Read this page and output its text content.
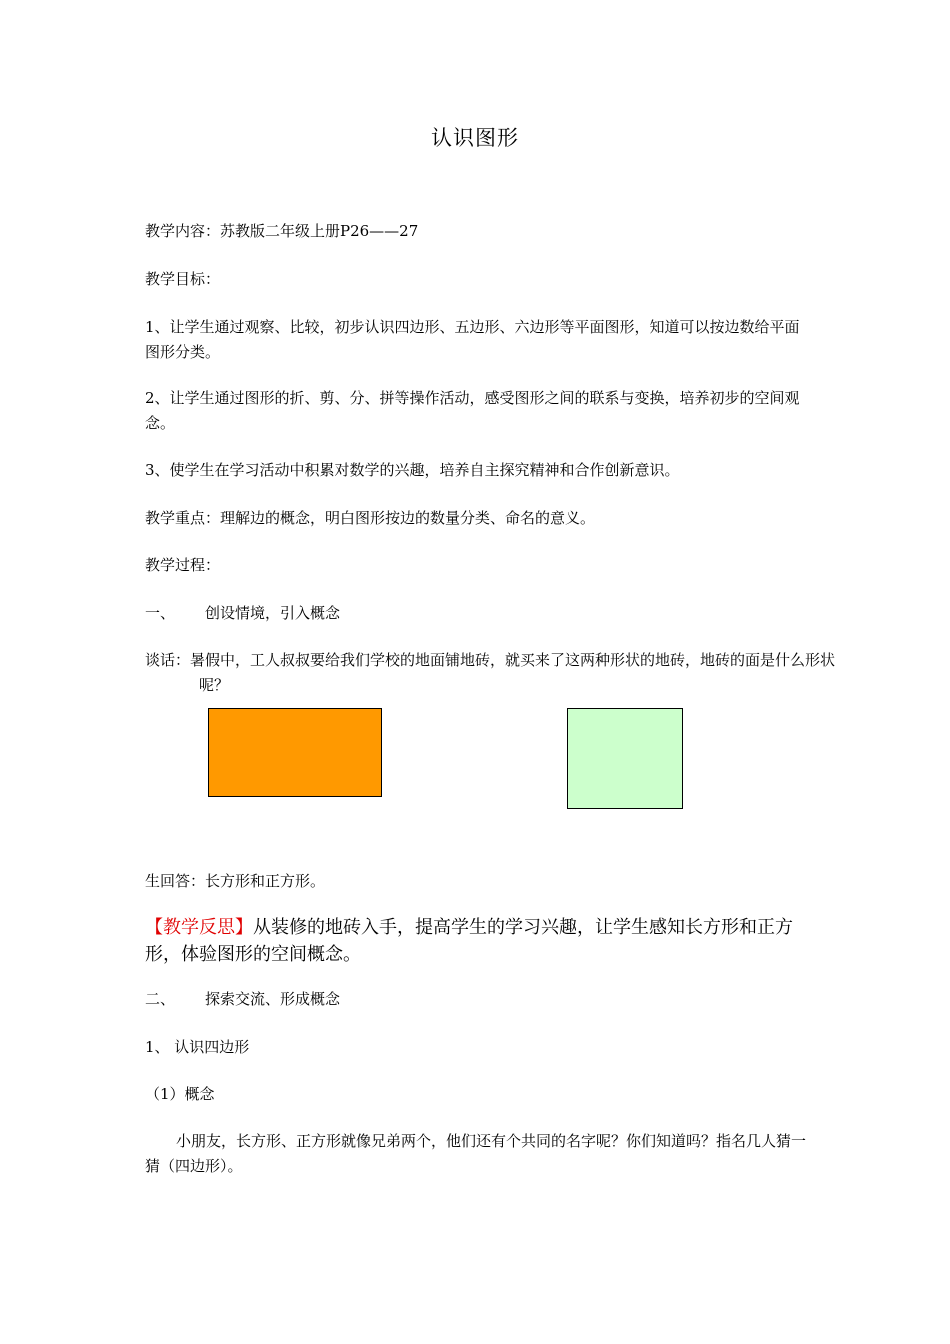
认识图形

教学内容：苏教版二年级上册P26——27

教学目标：

1、让学生通过观察、比较，初步认识四边形、五边形、六边形等平面图形，知道可以按边数给平面图形分类。

2、让学生通过图形的折、剪、分、拼等操作活动，感受图形之间的联系与变换，培养初步的空间观念。

3、使学生在学习活动中积累对数学的兴趣，培养自主探究精神和合作创新意识。

教学重点：理解边的概念，明白图形按边的数量分类、命名的意义。

教学过程：

一、 创设情境，引入概念

谈话：暑假中，工人叔叔要给我们学校的地面铺地砖，就买来了这两种形状的地砖，地砖的面是什么形状呢？

生回答：长方形和正方形。

【教学反思】从装修的地砖入手，提高学生的学习兴趣，让学生感知长方形和正方形，体验图形的空间概念。

二、 探索交流、形成概念

1、 认识四边形

（1）概念

小朋友，长方形、正方形就像兄弟两个，他们还有个共同的名字呢？你们知道吗？指名几人猜一猜（四边形）。
